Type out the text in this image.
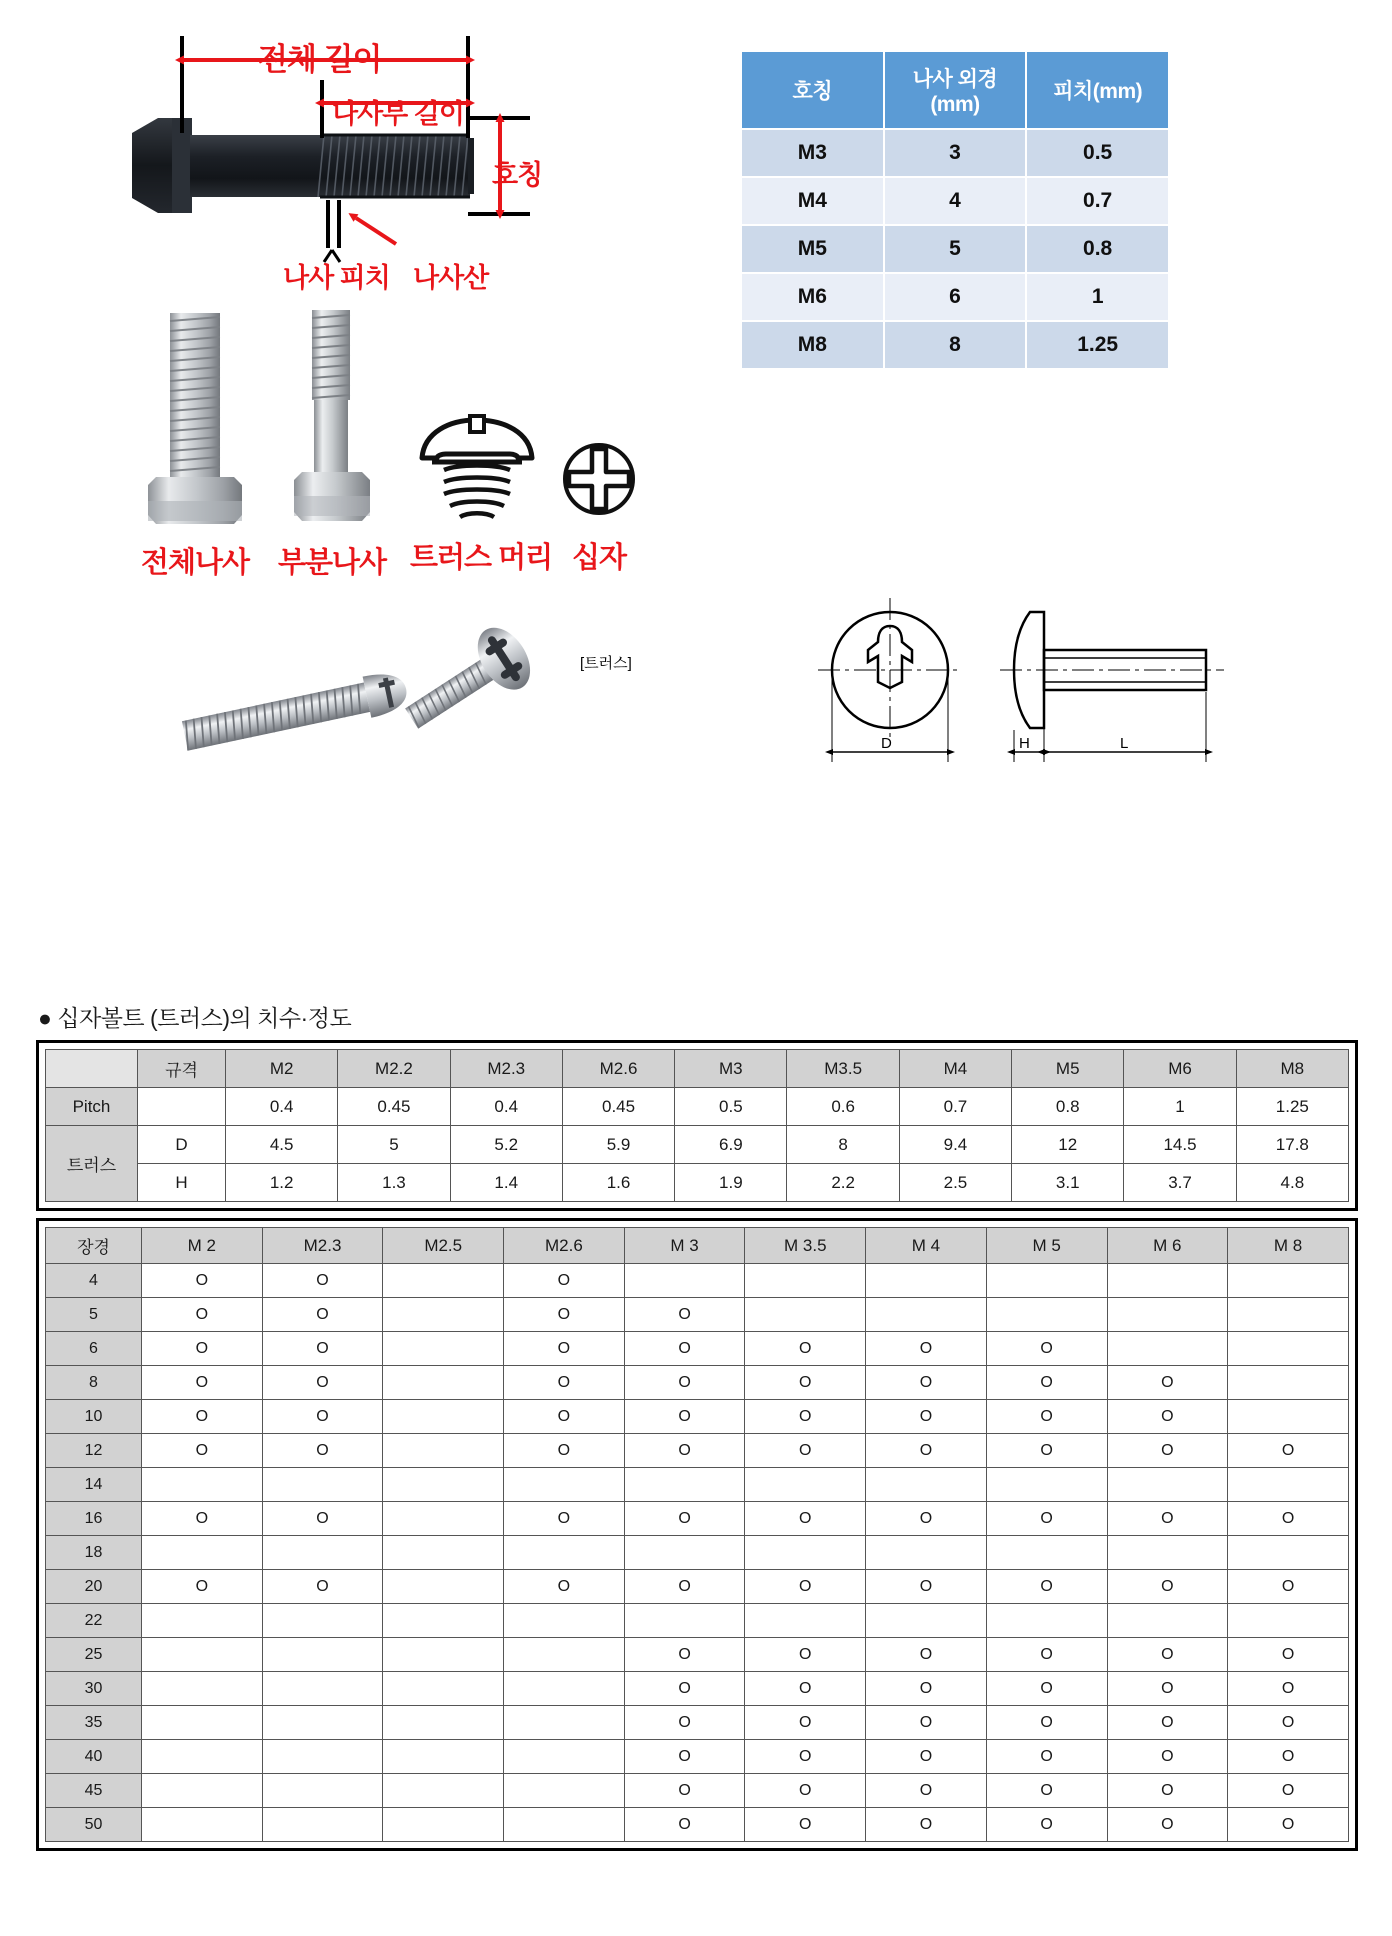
전체 길이
나사부 길이
호칭
나사 피치 나사산
호칭	나사 외경(mm)	피치(mm)
M3	3	0.5
M4	4	0.7
M5	5	0.8
M6	6	1
M8	8	1.25
전체나사 부분나사 트러스 머리 십자
[트러스]
D	H	L
● 십자볼트 (트러스)의 치수·정도
	규격	M2	M2.2	M2.3	M2.6	M3	M3.5	M4	M5	M6	M8
Pitch		0.4	0.45	0.4	0.45	0.5	0.6	0.7	0.8	1	1.25
트러스	D	4.5	5	5.2	5.9	6.9	8	9.4	12	14.5	17.8
	H	1.2	1.3	1.4	1.6	1.9	2.2	2.5	3.1	3.7	4.8
장경	M 2	M2.3	M2.5	M2.6	M 3	M 3.5	M 4	M 5	M 6	M 8
4	O	O		O						
5	O	O		O	O					
6	O	O		O	O	O	O	O		
8	O	O		O	O	O	O	O	O	
10	O	O		O	O	O	O	O	O	
12	O	O		O	O	O	O	O	O	O
14										
16	O	O		O	O	O	O	O	O	O
18										
20	O	O		O	O	O	O	O	O	O
22										
25					O	O	O	O	O	O
30					O	O	O	O	O	O
35					O	O	O	O	O	O
40					O	O	O	O	O	O
45					O	O	O	O	O	O
50					O	O	O	O	O	O
